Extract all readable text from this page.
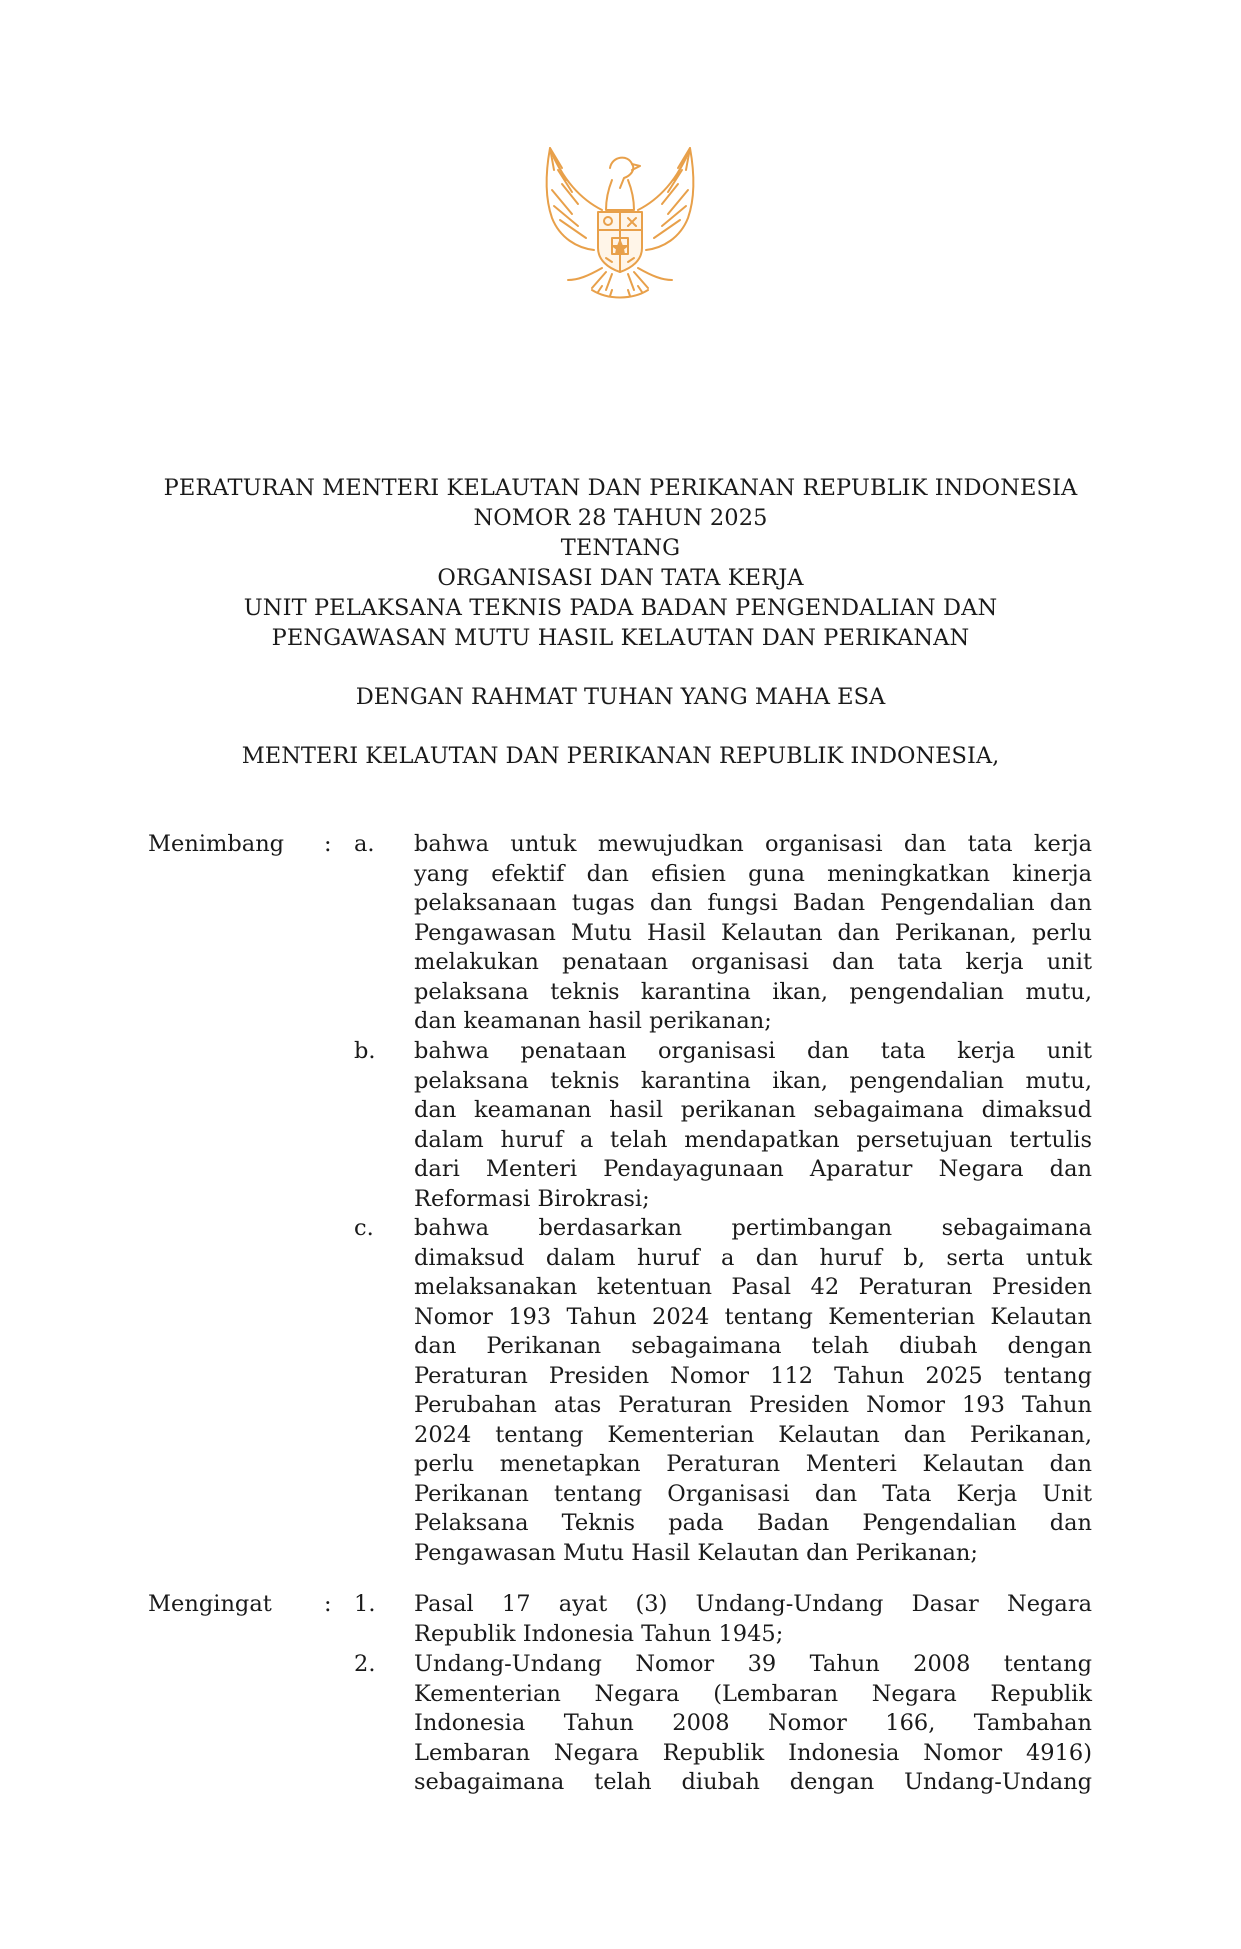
PERATURAN MENTERI KELAUTAN DAN PERIKANAN REPUBLIK INDONESIA
NOMOR 28 TAHUN 2025
TENTANG
ORGANISASI DAN TATA KERJA
UNIT PELAKSANA TEKNIS PADA BADAN PENGENDALIAN DAN
PENGAWASAN MUTU HASIL KELAUTAN DAN PERIKANAN
DENGAN RAHMAT TUHAN YANG MAHA ESA
MENTERI KELAUTAN DAN PERIKANAN REPUBLIK INDONESIA,
Menimbang : a. bahwa untuk mewujudkan organisasi dan tata kerja
yang efektif dan efisien guna meningkatkan kinerja
pelaksanaan tugas dan fungsi Badan Pengendalian dan
Pengawasan Mutu Hasil Kelautan dan Perikanan, perlu
melakukan penataan organisasi dan tata kerja unit
pelaksana teknis karantina ikan, pengendalian mutu,
dan keamanan hasil perikanan;
b. bahwa penataan organisasi dan tata kerja unit
pelaksana teknis karantina ikan, pengendalian mutu,
dan keamanan hasil perikanan sebagaimana dimaksud
dalam huruf a telah mendapatkan persetujuan tertulis
dari Menteri Pendayagunaan Aparatur Negara dan
Reformasi Birokrasi;
c. bahwa berdasarkan pertimbangan sebagaimana
dimaksud dalam huruf a dan huruf b, serta untuk
melaksanakan ketentuan Pasal 42 Peraturan Presiden
Nomor 193 Tahun 2024 tentang Kementerian Kelautan
dan Perikanan sebagaimana telah diubah dengan
Peraturan Presiden Nomor 112 Tahun 2025 tentang
Perubahan atas Peraturan Presiden Nomor 193 Tahun
2024 tentang Kementerian Kelautan dan Perikanan,
perlu menetapkan Peraturan Menteri Kelautan dan
Perikanan tentang Organisasi dan Tata Kerja Unit
Pelaksana Teknis pada Badan Pengendalian dan
Pengawasan Mutu Hasil Kelautan dan Perikanan;
Mengingat : 1. Pasal 17 ayat (3) Undang-Undang Dasar Negara
Republik Indonesia Tahun 1945;
2. Undang-Undang Nomor 39 Tahun 2008 tentang
Kementerian Negara (Lembaran Negara Republik
Indonesia Tahun 2008 Nomor 166, Tambahan
Lembaran Negara Republik Indonesia Nomor 4916)
sebagaimana telah diubah dengan Undang-Undang
